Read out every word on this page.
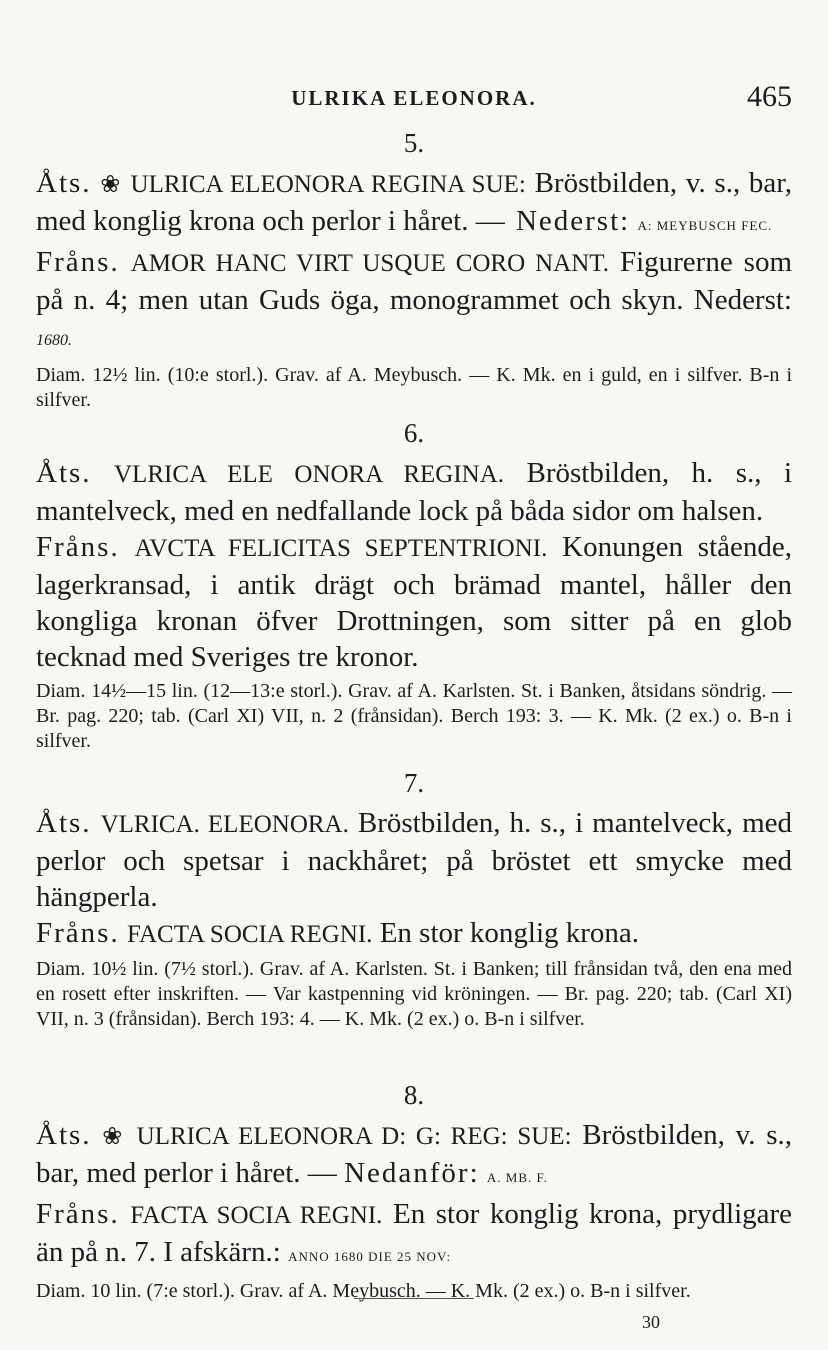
ULRIKA ELEONORA.	465
5.

Åts. ❀ ULRICA ELEONORA REGINA SUE: Bröstbilden, v. s., bar, med konglig krona och perlor i håret. — Nederst: A: MEYBUSCH FEC.

Fråns. AMOR HANC VIRT USQUE CORO NANT. Figurerne som på n. 4; men utan Guds öga, monogrammet och skyn. Nederst: 1680.

Diam. 12½ lin. (10:e storl.). Grav. af A. Meybusch. — K. Mk. en i guld, en i silfver. B-n i silfver.

6.

Åts. VLRICA ELE ONORA REGINA. Bröstbilden, h. s., i mantelveck, med en nedfallande lock på båda sidor om halsen.

Fråns. AVCTA FELICITAS SEPTENTRIONI. Konungen stående, lagerkransad, i antik drägt och brämad mantel, håller den kongliga kronan öfver Drottningen, som sitter på en glob tecknad med Sveriges tre kronor.

Diam. 14½—15 lin. (12—13:e storl.). Grav. af A. Karlsten. St. i Banken, åtsidans söndrig. — Br. pag. 220; tab. (Carl XI) VII, n. 2 (frånsidan). Berch 193: 3. — K. Mk. (2 ex.) o. B-n i silfver.

7.

Åts. VLRICA. ELEONORA. Bröstbilden, h. s., i mantelveck, med perlor och spetsar i nackhåret; på bröstet ett smycke med hängperla.

Fråns. FACTA SOCIA REGNI. En stor konglig krona.

Diam. 10½ lin. (7½ storl.). Grav. af A. Karlsten. St. i Banken; till frånsidan två, den ena med en rosett efter inskriften. — Var kastpenning vid kröningen. — Br. pag. 220; tab. (Carl XI) VII, n. 3 (frånsidan). Berch 193: 4. — K. Mk. (2 ex.) o. B-n i silfver.

8.

Åts. ❀ ULRICA ELEONORA D: G: REG: SUE: Bröstbilden, v. s., bar, med perlor i håret. — Nedanför: A. MB. F.

Fråns. FACTA SOCIA REGNI. En stor konglig krona, prydligare än på n. 7. I afskärn.: ANNO 1680 DIE 25 NOV:

Diam. 10 lin. (7:e storl.). Grav. af A. Meybusch. — K. Mk. (2 ex.) o. B-n i silfver.

30
